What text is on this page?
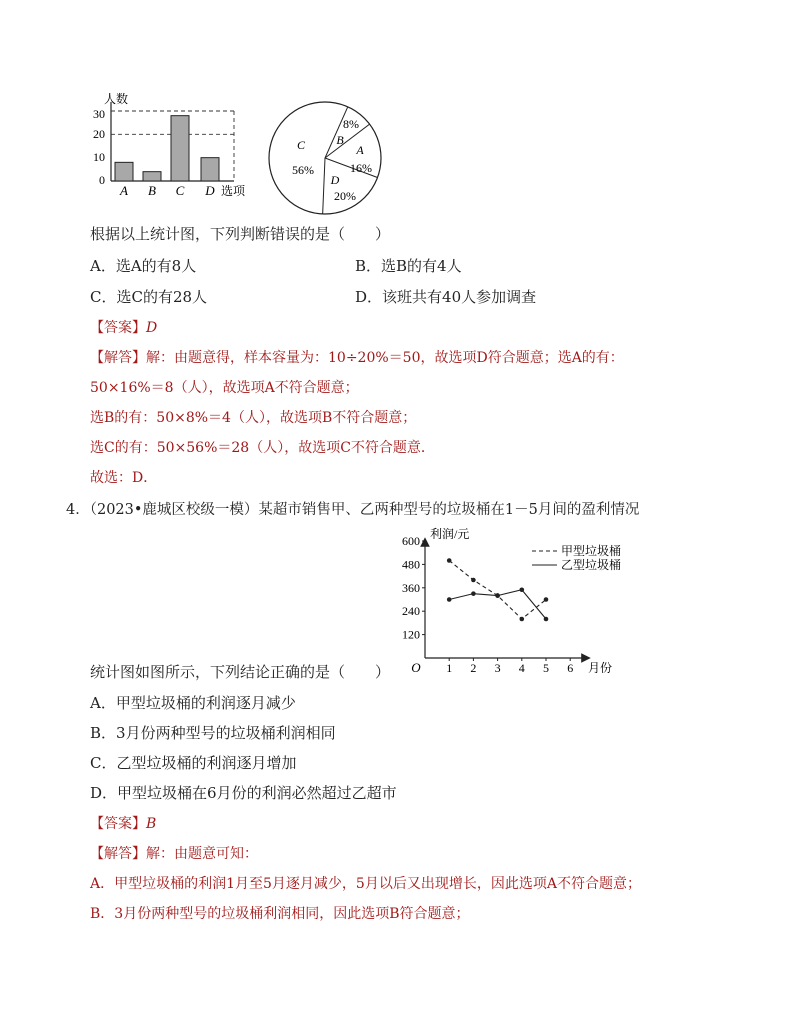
30
20
10
0
人数
A B C D 选项
C
56%
8%
B
A
16%
D
20%
根据以上统计图，下列判断错误的是（　　）
A．选A的有8人	B．选B的有4人
C．选C的有28人	D．该班共有40人参加调查
【答案】D
【解答】解：由题意得，样本容量为：10÷20%＝50，故选项D符合题意；选A的有：
50×16%＝8（人），故选项A不符合题意；
选B的有：50×8%＝4（人），故选项B不符合题意；
选C的有：50×56%＝28（人），故选项C不符合题意．
故选：D．
4．（2023•鹿城区校级一模）某超市销售甲、乙两种型号的垃圾桶在1－5月间的盈利情况
利润/元
O
120
240
360
480
600
1 2 3 4 5 6 月份
甲型垃圾桶
乙型垃圾桶
统计图如图所示，下列结论正确的是（　　）
A．甲型垃圾桶的利润逐月减少
B．3月份两种型号的垃圾桶利润相同
C．乙型垃圾桶的利润逐月增加
D．甲型垃圾桶在6月份的利润必然超过乙超市
【答案】B
【解答】解：由题意可知：
A．甲型垃圾桶的利润1月至5月逐月减少，5月以后又出现增长，因此选项A不符合题意；
B．3月份两种型号的垃圾桶利润相同，因此选项B符合题意；
